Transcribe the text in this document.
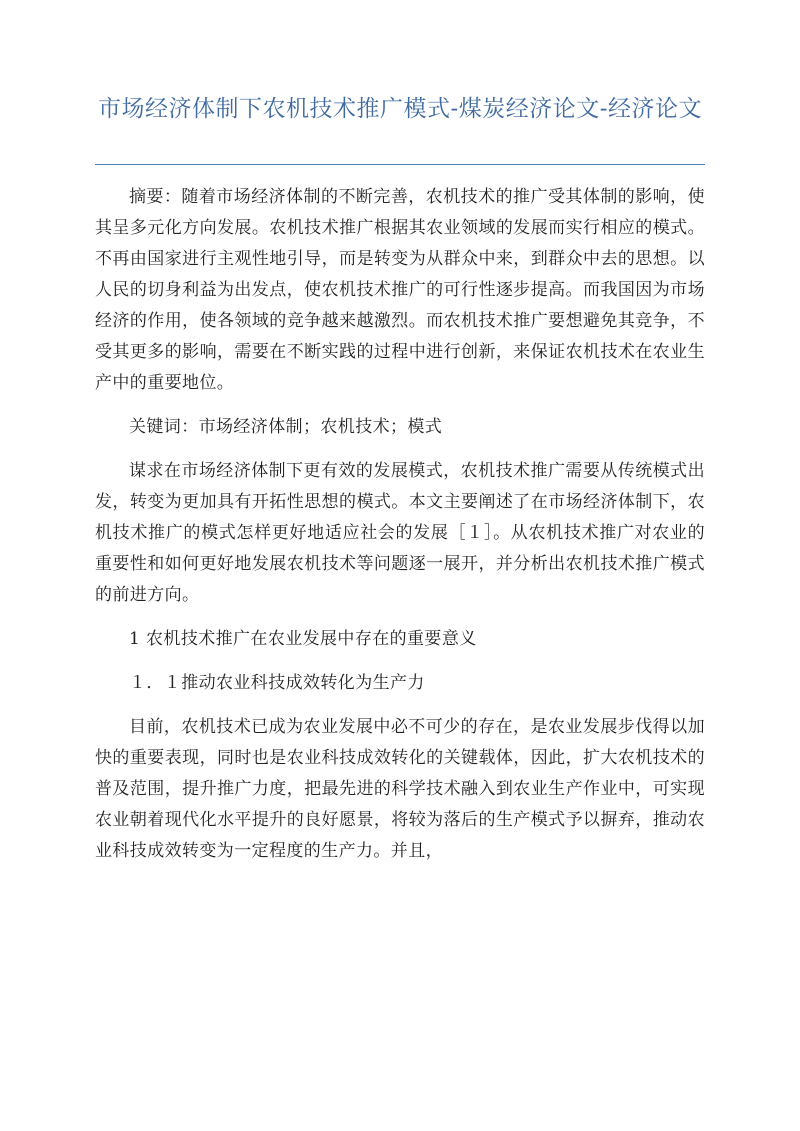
市场经济体制下农机技术推广模式-煤炭经济论文-经济论文

摘要：随着市场经济体制的不断完善，农机技术的推广受其体制的影响，使其呈多元化方向发展。农机技术推广根据其农业领域的发展而实行相应的模式。不再由国家进行主观性地引导，而是转变为从群众中来，到群众中去的思想。以人民的切身利益为出发点，使农机技术推广的可行性逐步提高。而我国因为市场经济的作用，使各领域的竞争越来越激烈。而农机技术推广要想避免其竞争，不受其更多的影响，需要在不断实践的过程中进行创新，来保证农机技术在农业生产中的重要地位。

关键词：市场经济体制；农机技术；模式

谋求在市场经济体制下更有效的发展模式，农机技术推广需要从传统模式出发，转变为更加具有开拓性思想的模式。本文主要阐述了在市场经济体制下，农机技术推广的模式怎样更好地适应社会的发展［１］。从农机技术推广对农业的重要性和如何更好地发展农机技术等问题逐一展开，并分析出农机技术推广模式的前进方向。

1 农机技术推广在农业发展中存在的重要意义

１．１推动农业科技成效转化为生产力

目前，农机技术已成为农业发展中必不可少的存在，是农业发展步伐得以加快的重要表现，同时也是农业科技成效转化的关键载体，因此，扩大农机技术的普及范围，提升推广力度，把最先进的科学技术融入到农业生产作业中，可实现农业朝着现代化水平提升的良好愿景，将较为落后的生产模式予以摒弃，推动农业科技成效转变为一定程度的生产力。并且，
